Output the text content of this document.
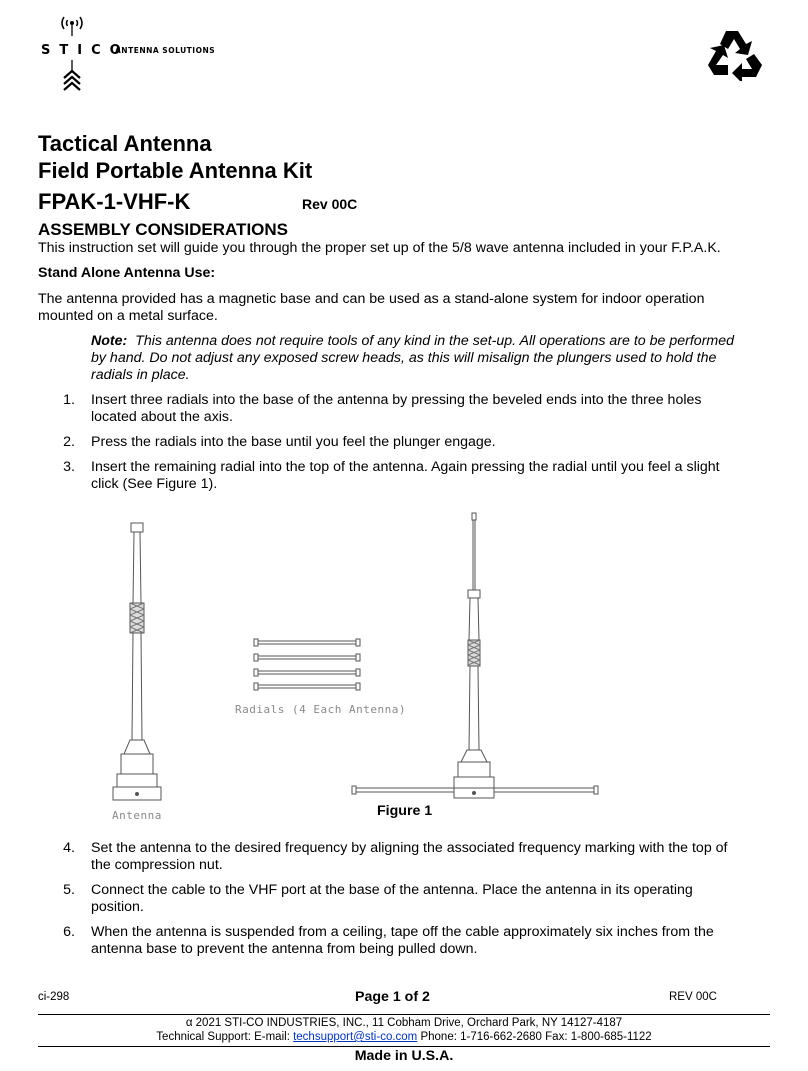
STICO
ANTENNA SOLUTIONS
Tactical Antenna
Field Portable Antenna Kit
FPAK-1-VHF-K	Rev 00C
ASSEMBLY CONSIDERATIONS
This instruction set will guide you through the proper set up of the 5/8 wave antenna included in your F.P.A.K.
Stand Alone Antenna Use:
The antenna provided has a magnetic base and can be used as a stand-alone system for indoor operation
mounted on a metal surface.
Note: This antenna does not require tools of any kind in the set-up. All operations are to be performed
by hand. Do not adjust any exposed screw heads, as this will misalign the plungers used to hold the
radials in place.
1. Insert three radials into the base of the antenna by pressing the beveled ends into the three holes
located about the axis.
2. Press the radials into the base until you feel the plunger engage.
3. Insert the remaining radial into the top of the antenna. Again pressing the radial until you feel a slight
click (See Figure 1).
Radials (4 Each Antenna)
Antenna	Figure 1
4. Set the antenna to the desired frequency by aligning the associated frequency marking with the top of
the compression nut.
5. Connect the cable to the VHF port at the base of the antenna. Place the antenna in its operating
position.
6. When the antenna is suspended from a ceiling, tape off the cable approximately six inches from the
antenna base to prevent the antenna from being pulled down.
ci-298	Page 1 of 2	REV 00C
α 2021 STI-CO INDUSTRIES, INC., 11 Cobham Drive, Orchard Park, NY 14127-4187
Technical Support: E-mail: techsupport@sti-co.com Phone: 1-716-662-2680 Fax: 1-800-685-1122
Made in U.S.A.
